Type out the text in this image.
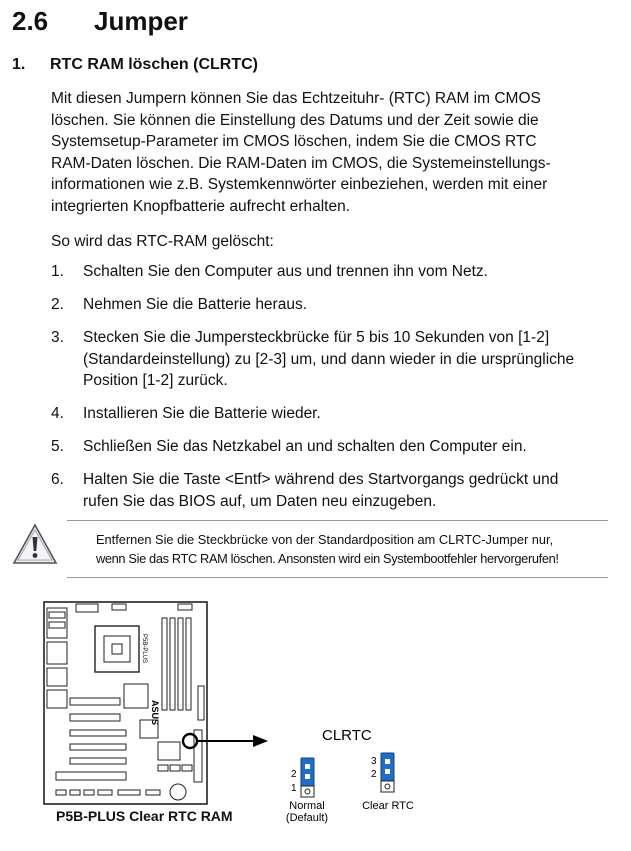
2.6 Jumper
1. RTC RAM löschen (CLRTC)
Mit diesen Jumpern können Sie das Echtzeituhr- (RTC) RAM im CMOS
löschen. Sie können die Einstellung des Datums und der Zeit sowie die
Systemsetup-Parameter im CMOS löschen, indem Sie die CMOS RTC
RAM-Daten löschen. Die RAM-Daten im CMOS, die Systemeinstellungs-
informationen wie z.B. Systemkennwörter einbeziehen, werden mit einer
integrierten Knopfbatterie aufrecht erhalten.
So wird das RTC-RAM gelöscht:
1. Schalten Sie den Computer aus und trennen ihn vom Netz.
2. Nehmen Sie die Batterie heraus.
3. Stecken Sie die Jumpersteckbrücke für 5 bis 10 Sekunden von [1-2]
(Standardeinstellung) zu [2-3] um, und dann wieder in die ursprüngliche
Position [1-2] zurück.
4. Installieren Sie die Batterie wieder.
5. Schließen Sie das Netzkabel an und schalten den Computer ein.
6. Halten Sie die Taste <Entf> während des Startvorgangs gedrückt und
rufen Sie das BIOS auf, um Daten neu einzugeben.
Entfernen Sie die Steckbrücke von der Standardposition am CLRTC-Jumper nur,
wenn Sie das RTC RAM löschen. Ansonsten wird ein Systembootfehler hervorgerufen!
ASUS
P5B-PLUS
CLRTC
2
1
Normal
(Default)
3
2
Clear RTC
P5B-PLUS Clear RTC RAM
